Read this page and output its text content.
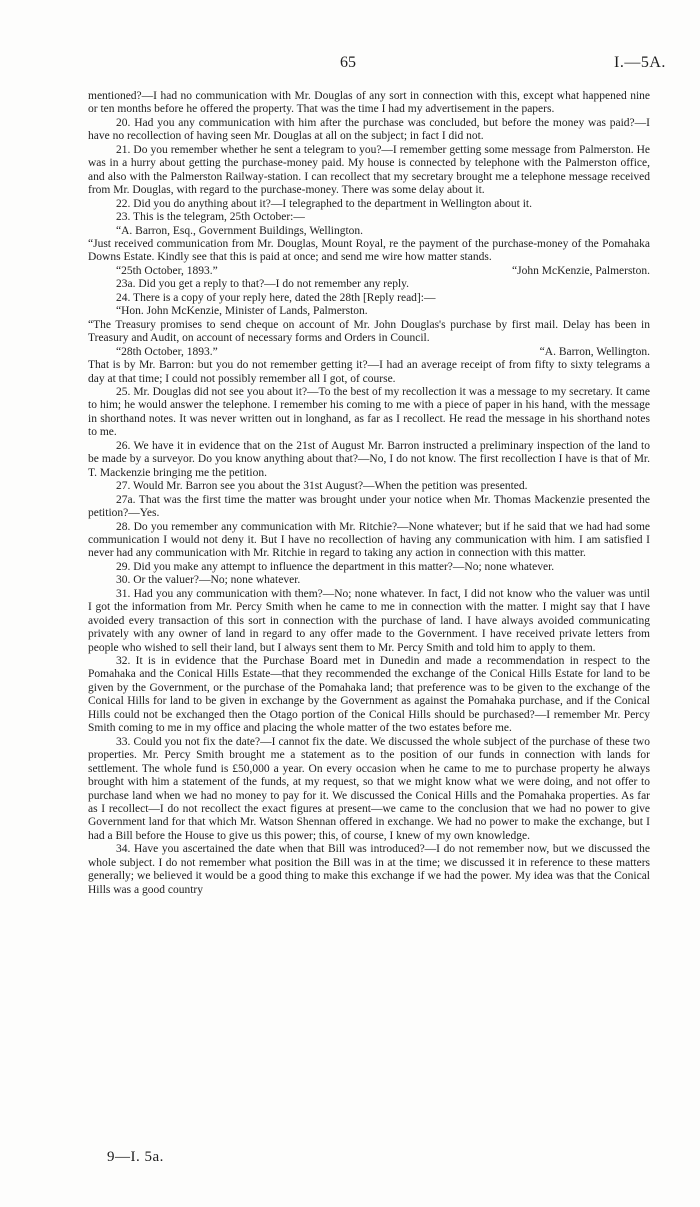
65	I.—5A.

mentioned?—I had no communication with Mr. Douglas of any sort in connection with this, except what happened nine or ten months before he offered the property. That was the time I had my advertisement in the papers.

20. Had you any communication with him after the purchase was concluded, but before the money was paid?—I have no recollection of having seen Mr. Douglas at all on the subject; in fact I did not.

21. Do you remember whether he sent a telegram to you?—I remember getting some message from Palmerston. He was in a hurry about getting the purchase-money paid. My house is connected by telephone with the Palmerston office, and also with the Palmerston Railway-station. I can recollect that my secretary brought me a telephone message received from Mr. Douglas, with regard to the purchase-money. There was some delay about it.

22. Did you do anything about it?—I telegraphed to the department in Wellington about it.

23. This is the telegram, 25th October:—

“A. Barron, Esq., Government Buildings, Wellington.

“Just received communication from Mr. Douglas, Mount Royal, re the payment of the purchase-money of the Pomahaka Downs Estate. Kindly see that this is paid at once; and send me wire how matter stands.

“25th October, 1893.”	“John McKenzie, Palmerston.

23a. Did you get a reply to that?—I do not remember any reply.

24. There is a copy of your reply here, dated the 28th [Reply read]:—

“Hon. John McKenzie, Minister of Lands, Palmerston.

“The Treasury promises to send cheque on account of Mr. John Douglas's purchase by first mail. Delay has been in Treasury and Audit, on account of necessary forms and Orders in Council.

“28th October, 1893.”	“A. Barron, Wellington.

That is by Mr. Barron: but you do not remember getting it?—I had an average receipt of from fifty to sixty telegrams a day at that time; I could not possibly remember all I got, of course.

25. Mr. Douglas did not see you about it?—To the best of my recollection it was a message to my secretary. It came to him; he would answer the telephone. I remember his coming to me with a piece of paper in his hand, with the message in shorthand notes. It was never written out in longhand, as far as I recollect. He read the message in his shorthand notes to me.

26. We have it in evidence that on the 21st of August Mr. Barron instructed a preliminary inspection of the land to be made by a surveyor. Do you know anything about that?—No, I do not know. The first recollection I have is that of Mr. T. Mackenzie bringing me the petition.

27. Would Mr. Barron see you about the 31st August?—When the petition was presented.

27a. That was the first time the matter was brought under your notice when Mr. Thomas Mackenzie presented the petition?—Yes.

28. Do you remember any communication with Mr. Ritchie?—None whatever; but if he said that we had had some communication I would not deny it. But I have no recollection of having any communication with him. I am satisfied I never had any communication with Mr. Ritchie in regard to taking any action in connection with this matter.

29. Did you make any attempt to influence the department in this matter?—No; none whatever.

30. Or the valuer?—No; none whatever.

31. Had you any communication with them?—No; none whatever. In fact, I did not know who the valuer was until I got the information from Mr. Percy Smith when he came to me in connection with the matter. I might say that I have avoided every transaction of this sort in connection with the purchase of land. I have always avoided communicating privately with any owner of land in regard to any offer made to the Government. I have received private letters from people who wished to sell their land, but I always sent them to Mr. Percy Smith and told him to apply to them.

32. It is in evidence that the Purchase Board met in Dunedin and made a recommendation in respect to the Pomahaka and the Conical Hills Estate—that they recommended the exchange of the Conical Hills Estate for land to be given by the Government, or the purchase of the Pomahaka land; that preference was to be given to the exchange of the Conical Hills for land to be given in exchange by the Government as against the Pomahaka purchase, and if the Conical Hills could not be exchanged then the Otago portion of the Conical Hills should be purchased?—I remember Mr. Percy Smith coming to me in my office and placing the whole matter of the two estates before me.

33. Could you not fix the date?—I cannot fix the date. We discussed the whole subject of the purchase of these two properties. Mr. Percy Smith brought me a statement as to the position of our funds in connection with lands for settlement. The whole fund is £50,000 a year. On every occasion when he came to me to purchase property he always brought with him a statement of the funds, at my request, so that we might know what we were doing, and not offer to purchase land when we had no money to pay for it. We discussed the Conical Hills and the Pomahaka properties. As far as I recollect—I do not recollect the exact figures at present—we came to the conclusion that we had no power to give Government land for that which Mr. Watson Shennan offered in exchange. We had no power to make the exchange, but I had a Bill before the House to give us this power; this, of course, I knew of my own knowledge.

34. Have you ascertained the date when that Bill was introduced?—I do not remember now, but we discussed the whole subject. I do not remember what position the Bill was in at the time; we discussed it in reference to these matters generally; we believed it would be a good thing to make this exchange if we had the power. My idea was that the Conical Hills was a good country

9—I. 5a.
